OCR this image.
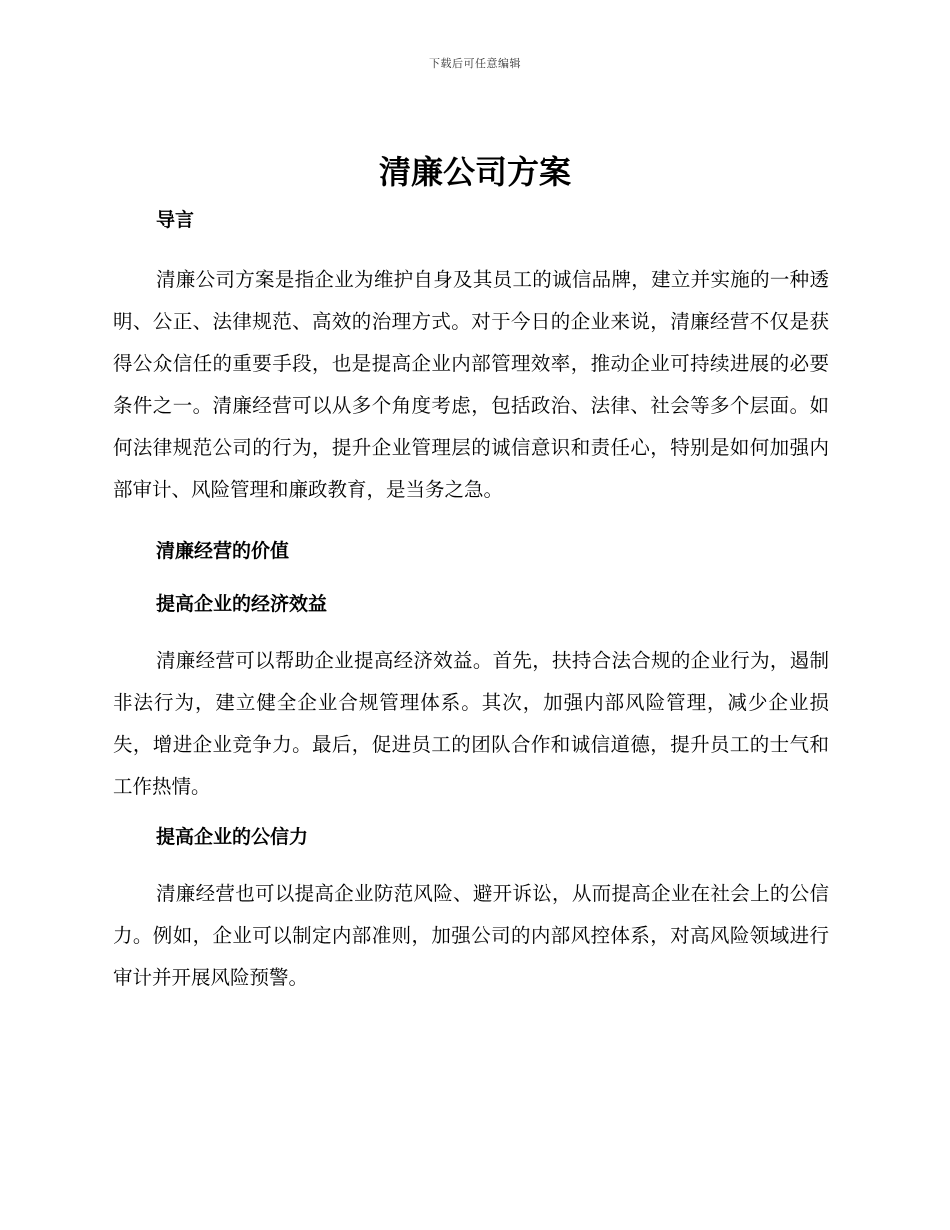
下载后可任意编辑
清廉公司方案
导言

清廉公司方案是指企业为维护自身及其员工的诚信品牌，建立并实施的一种透明、公正、法律规范、高效的治理方式。对于今日的企业来说，清廉经营不仅是获得公众信任的重要手段，也是提高企业内部管理效率，推动企业可持续进展的必要条件之一。清廉经营可以从多个角度考虑，包括政治、法律、社会等多个层面。如何法律规范公司的行为，提升企业管理层的诚信意识和责任心，特别是如何加强内部审计、风险管理和廉政教育，是当务之急。

清廉经营的价值
提高企业的经济效益

清廉经营可以帮助企业提高经济效益。首先，扶持合法合规的企业行为，遏制非法行为，建立健全企业合规管理体系。其次，加强内部风险管理，减少企业损失，增进企业竞争力。最后，促进员工的团队合作和诚信道德，提升员工的士气和工作热情。

提高企业的公信力

清廉经营也可以提高企业防范风险、避开诉讼，从而提高企业在社会上的公信力。例如，企业可以制定内部准则，加强公司的内部风控体系，对高风险领域进行审计并开展风险预警。
